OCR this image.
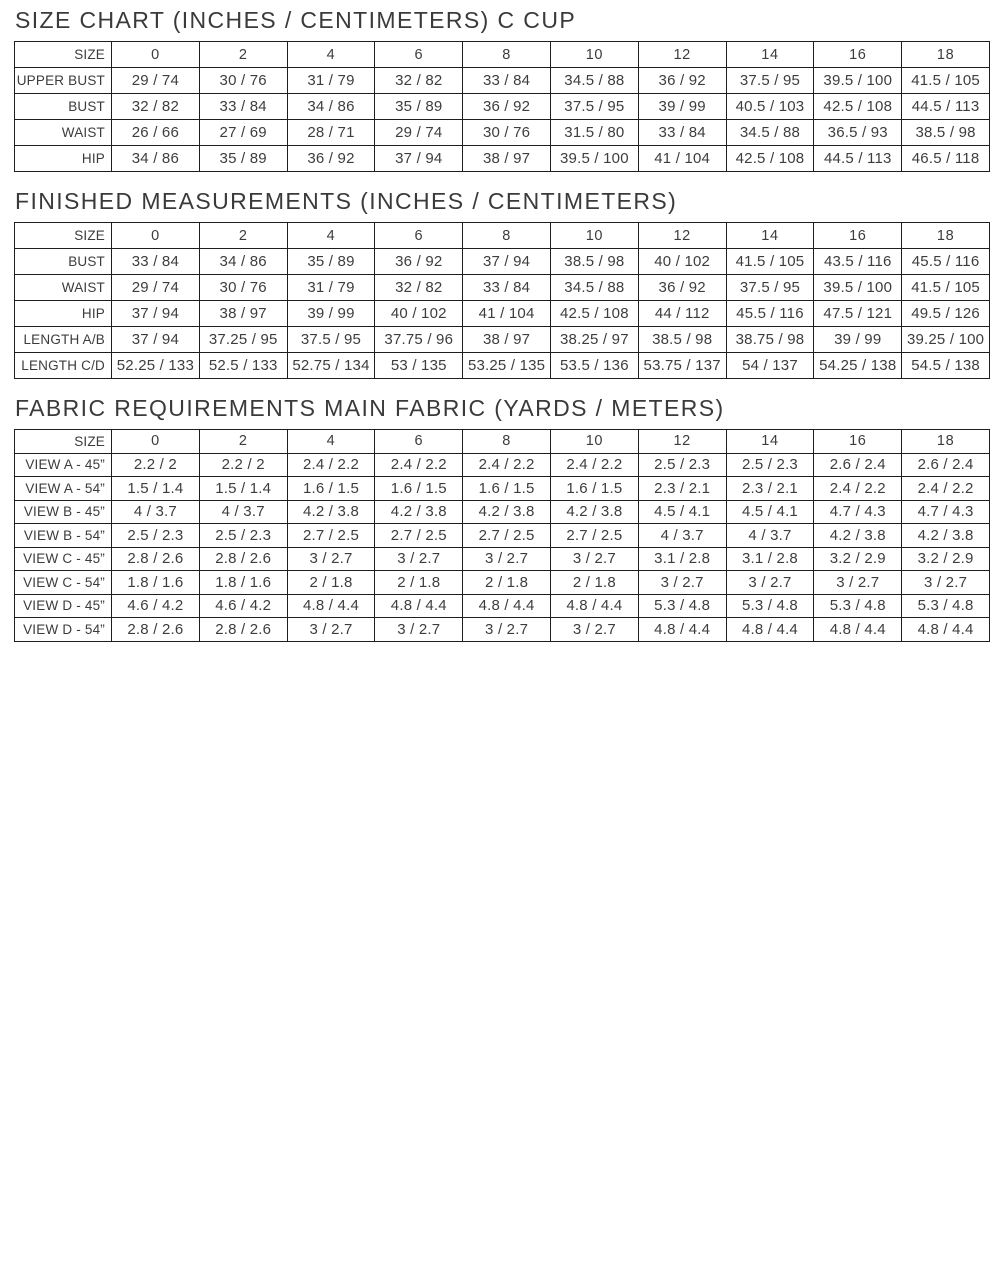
SIZE CHART (INCHES / CENTIMETERS) C CUP
SIZE	0	2	4	6	8	10	12	14	16	18
UPPER BUST	29 / 74	30 / 76	31 / 79	32 / 82	33 / 84	34.5 / 88	36 / 92	37.5 / 95	39.5 / 100	41.5 / 105
BUST	32 / 82	33 / 84	34 / 86	35 / 89	36 / 92	37.5 / 95	39 / 99	40.5 / 103	42.5 / 108	44.5 / 113
WAIST	26 / 66	27 / 69	28 / 71	29 / 74	30 / 76	31.5 / 80	33 / 84	34.5 / 88	36.5 / 93	38.5 / 98
HIP	34 / 86	35 / 89	36 / 92	37 / 94	38 / 97	39.5 / 100	41 / 104	42.5 / 108	44.5 / 113	46.5 / 118
FINISHED MEASUREMENTS (INCHES / CENTIMETERS)
SIZE	0	2	4	6	8	10	12	14	16	18
BUST	33 / 84	34 / 86	35 / 89	36 / 92	37 / 94	38.5 / 98	40 / 102	41.5 / 105	43.5 / 116	45.5 / 116
WAIST	29 / 74	30 / 76	31 / 79	32 / 82	33 / 84	34.5 / 88	36 / 92	37.5 / 95	39.5 / 100	41.5 / 105
HIP	37 / 94	38 / 97	39 / 99	40 / 102	41 / 104	42.5 / 108	44 / 112	45.5 / 116	47.5 / 121	49.5 / 126
LENGTH A/B	37 / 94	37.25 / 95	37.5 / 95	37.75 / 96	38 / 97	38.25 / 97	38.5 / 98	38.75 / 98	39 / 99	39.25 / 100
LENGTH C/D	52.25 / 133	52.5 / 133	52.75 / 134	53 / 135	53.25 / 135	53.5 / 136	53.75 / 137	54 / 137	54.25 / 138	54.5 / 138
FABRIC REQUIREMENTS MAIN FABRIC (YARDS / METERS)
SIZE	0	2	4	6	8	10	12	14	16	18
VIEW A - 45”	2.2 / 2	2.2 / 2	2.4 / 2.2	2.4 / 2.2	2.4 / 2.2	2.4 / 2.2	2.5 / 2.3	2.5 / 2.3	2.6 / 2.4	2.6 / 2.4
VIEW A - 54”	1.5 / 1.4	1.5 / 1.4	1.6 / 1.5	1.6 / 1.5	1.6 / 1.5	1.6 / 1.5	2.3 / 2.1	2.3 / 2.1	2.4 / 2.2	2.4 / 2.2
VIEW B - 45”	4 / 3.7	4 / 3.7	4.2 / 3.8	4.2 / 3.8	4.2 / 3.8	4.2 / 3.8	4.5 / 4.1	4.5 / 4.1	4.7 / 4.3	4.7 / 4.3
VIEW B - 54”	2.5 / 2.3	2.5 / 2.3	2.7 / 2.5	2.7 / 2.5	2.7 / 2.5	2.7 / 2.5	4 / 3.7	4 / 3.7	4.2 / 3.8	4.2 / 3.8
VIEW C - 45”	2.8 / 2.6	2.8 / 2.6	3 / 2.7	3 / 2.7	3 / 2.7	3 / 2.7	3.1 / 2.8	3.1 / 2.8	3.2 / 2.9	3.2 / 2.9
VIEW C - 54”	1.8 / 1.6	1.8 / 1.6	2 / 1.8	2 / 1.8	2 / 1.8	2 / 1.8	3 / 2.7	3 / 2.7	3 / 2.7	3 / 2.7
VIEW D - 45”	4.6 / 4.2	4.6 / 4.2	4.8 / 4.4	4.8 / 4.4	4.8 / 4.4	4.8 / 4.4	5.3 / 4.8	5.3 / 4.8	5.3 / 4.8	5.3 / 4.8
VIEW D - 54”	2.8 / 2.6	2.8 / 2.6	3 / 2.7	3 / 2.7	3 / 2.7	3 / 2.7	4.8 / 4.4	4.8 / 4.4	4.8 / 4.4	4.8 / 4.4
